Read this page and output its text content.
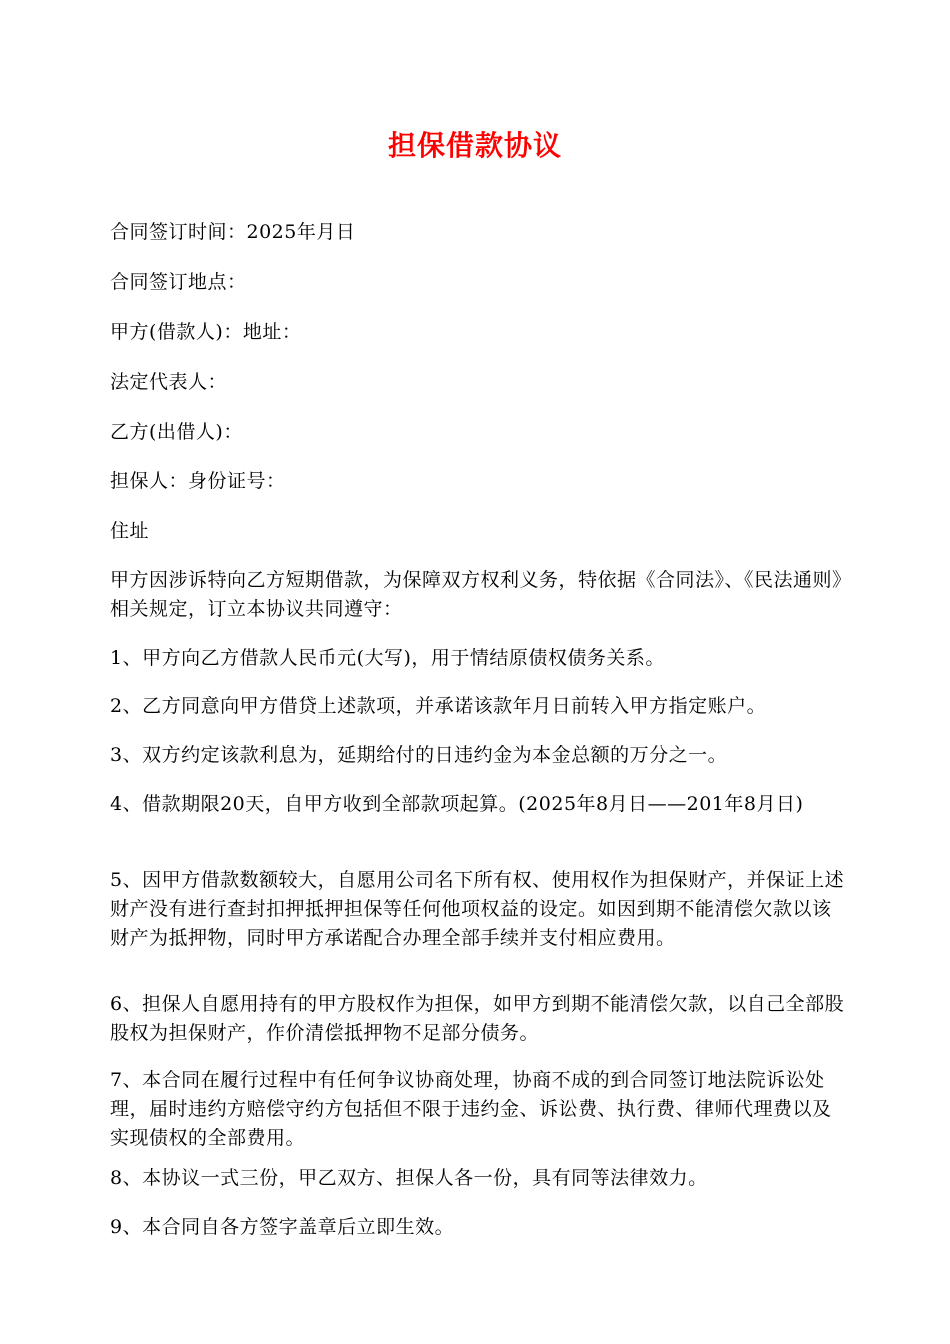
担保借款协议
合同签订时间：2025年月日
合同签订地点：
甲方(借款人)：地址：
法定代表人：
乙方(出借人)：
担保人：身份证号：
住址
甲方因涉诉特向乙方短期借款，为保障双方权利义务，特依据《合同法》、《民法通则》相关规定，订立本协议共同遵守：
1、甲方向乙方借款人民币元(大写)，用于情结原债权债务关系。
2、乙方同意向甲方借贷上述款项，并承诺该款年月日前转入甲方指定账户。
3、双方约定该款利息为，延期给付的日违约金为本金总额的万分之一。
4、借款期限20天，自甲方收到全部款项起算。(2025年8月日——201年8月日)
5、因甲方借款数额较大，自愿用公司名下所有权、使用权作为担保财产，并保证上述财产没有进行查封扣押抵押担保等任何他项权益的设定。如因到期不能清偿欠款以该财产为抵押物，同时甲方承诺配合办理全部手续并支付相应费用。
6、担保人自愿用持有的甲方股权作为担保，如甲方到期不能清偿欠款，以自己全部股股权为担保财产，作价清偿抵押物不足部分债务。
7、本合同在履行过程中有任何争议协商处理，协商不成的到合同签订地法院诉讼处理，届时违约方赔偿守约方包括但不限于违约金、诉讼费、执行费、律师代理费以及实现债权的全部费用。
8、本协议一式三份，甲乙双方、担保人各一份，具有同等法律效力。
9、本合同自各方签字盖章后立即生效。
